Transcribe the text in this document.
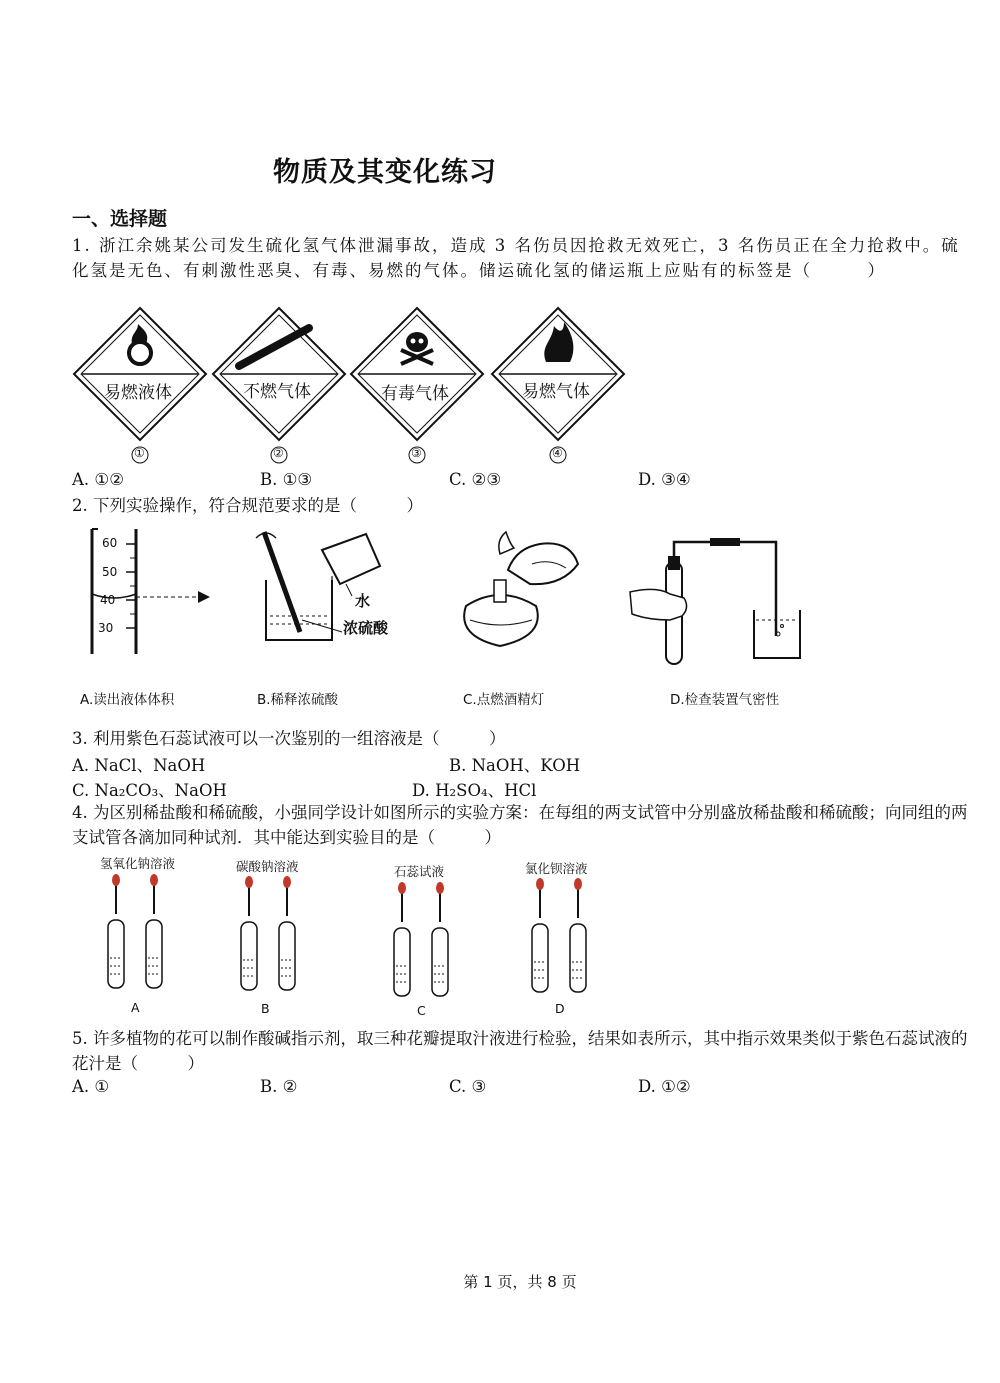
物质及其变化练习
一、选择题
1. 浙江余姚某公司发生硫化氢气体泄漏事故，造成 3 名伤员因抢救无效死亡，3 名伤员正在全力抢救中。硫化氢是无色、有刺激性恶臭、有毒、易燃的气体。储运硫化氢的储运瓶上应贴有的标签是（　　　）
易燃液体	不燃气体	有毒气体	易燃气体
①	②	③	④
A. ①②	B. ①③	C. ②③	D. ③④
2. 下列实验操作，符合规范要求的是（　　　）
60
50
40
30
水
浓硫酸
A.读出液体体积	B.稀释浓硫酸	C.点燃酒精灯	D.检查装置气密性
3. 利用紫色石蕊试液可以一次鉴别的一组溶液是（　　　）
A. NaCl、NaOH	B. NaOH、KOH
C. Na₂CO₃、NaOH	D. H₂SO₄、HCl
4. 为区别稀盐酸和稀硫酸，小强同学设计如图所示的实验方案：在每组的两支试管中分别盛放稀盐酸和稀硫酸；向同组的两支试管各滴加同种试剂．其中能达到实验目的是（　　　）
氢氧化钠溶液	碳酸钠溶液	石蕊试液	氯化钡溶液
A	B	C	D
5. 许多植物的花可以制作酸碱指示剂，取三种花瓣提取汁液进行检验，结果如表所示，其中指示效果类似于紫色石蕊试液的花汁是（　　　）
A. ①	B. ②	C. ③	D. ①②
第 1 页，共 8 页
